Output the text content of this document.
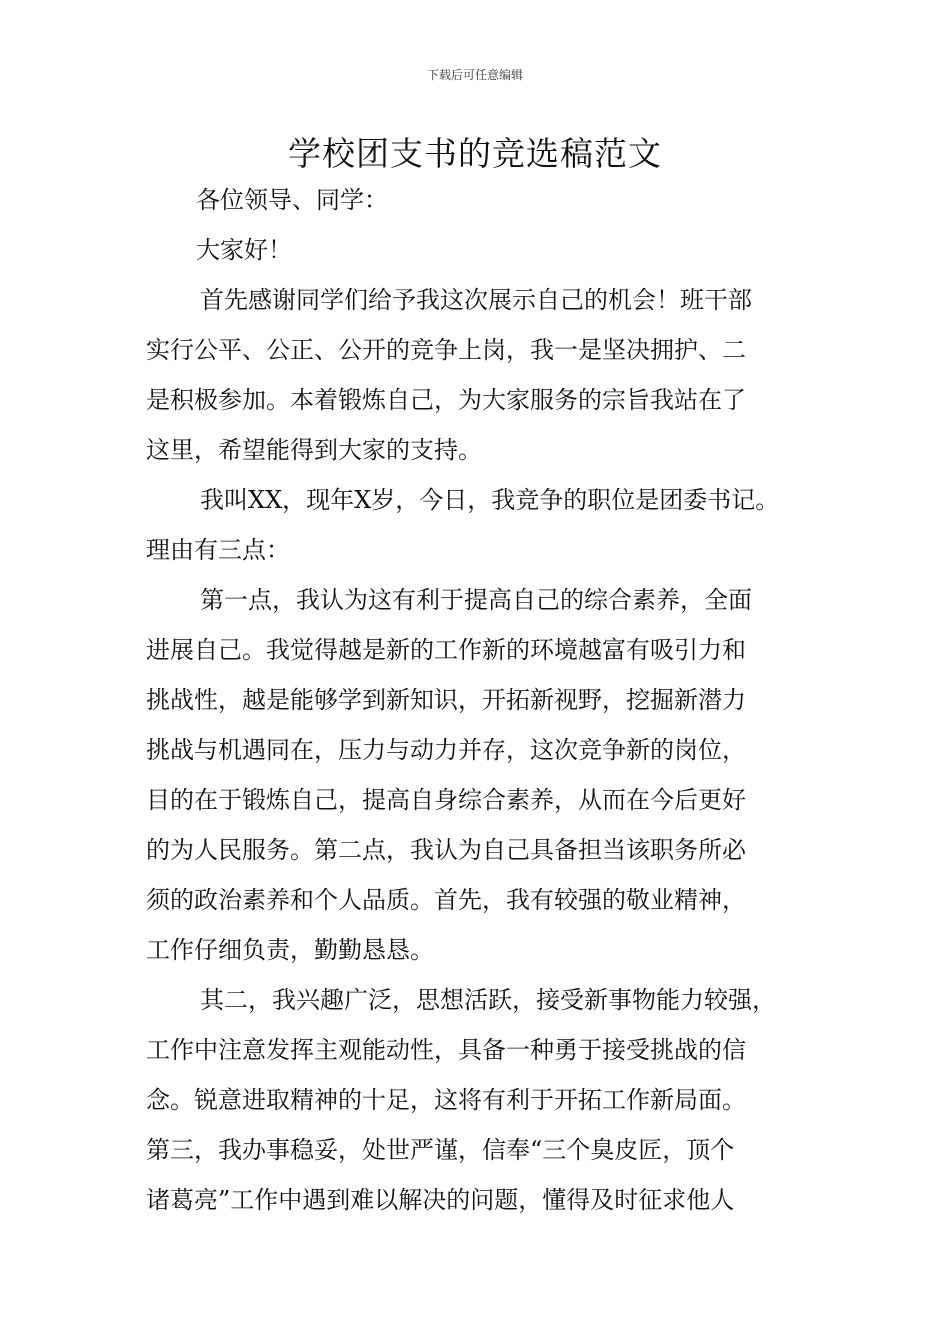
下载后可任意编辑
学校团支书的竞选稿范文
各位领导、同学：
大家好！
首先感谢同学们给予我这次展示自己的机会！班干部
实行公平、公正、公开的竞争上岗，我一是坚决拥护、二
是积极参加。本着锻炼自己，为大家服务的宗旨我站在了
这里，希望能得到大家的支持。
我叫XX，现年X岁，今日，我竞争的职位是团委书记。
理由有三点：
第一点，我认为这有利于提高自己的综合素养，全面
进展自己。我觉得越是新的工作新的环境越富有吸引力和
挑战性，越是能够学到新知识，开拓新视野，挖掘新潜力
挑战与机遇同在，压力与动力并存，这次竞争新的岗位，
目的在于锻炼自己，提高自身综合素养，从而在今后更好
的为人民服务。第二点，我认为自己具备担当该职务所必
须的政治素养和个人品质。首先，我有较强的敬业精神，
工作仔细负责，勤勤恳恳。
其二，我兴趣广泛，思想活跃，接受新事物能力较强，
工作中注意发挥主观能动性，具备一种勇于接受挑战的信
念。锐意进取精神的十足，这将有利于开拓工作新局面。
第三，我办事稳妥，处世严谨，信奉“三个臭皮匠，顶个
诸葛亮”工作中遇到难以解决的问题，懂得及时征求他人
